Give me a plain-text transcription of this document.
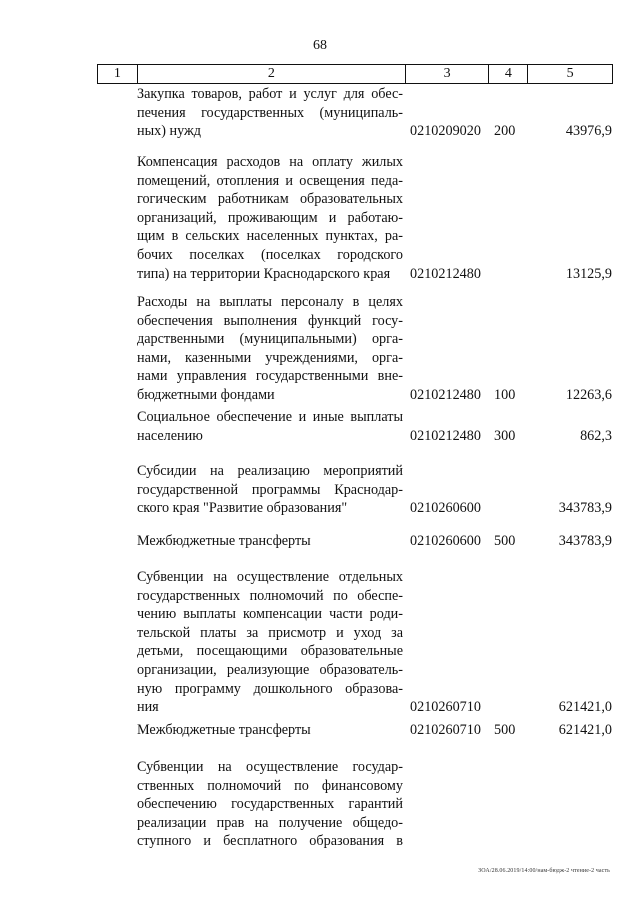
68
1	2	3	4	5
Закупка товаров, работ и услуг для обес-
печения государственных (муниципаль-
ных) нужд	0210209020 200	43976,9
Компенсация расходов на оплату жилых
помещений, отопления и освещения педа-
гогическим работникам образовательных
организаций, проживающим и работаю-
щим в сельских населенных пунктах, ра-
бочих поселках (поселках городского
типа) на территории Краснодарского края	0210212480	13125,9
Расходы на выплаты персоналу в целях
обеспечения выполнения функций госу-
дарственными (муниципальными) орга-
нами, казенными учреждениями, орга-
нами управления государственными вне-
бюджетными фондами	0210212480 100	12263,6
Социальное обеспечение и иные выплаты
населению	0210212480 300	862,3
Субсидии на реализацию мероприятий
государственной программы Краснодар-
ского края "Развитие образования"	0210260600	343783,9
Межбюджетные трансферты	0210260600 500	343783,9
Субвенции на осуществление отдельных
государственных полномочий по обеспе-
чению выплаты компенсации части роди-
тельской платы за присмотр и уход за
детьми, посещающими образовательные
организации, реализующие образователь-
ную программу дошкольного образова-
ния	0210260710	621421,0
Межбюджетные трансферты	0210260710 500	621421,0
Субвенции на осуществление государ-
ственных полномочий по финансовому
обеспечению государственных гарантий
реализации прав на получение общедо-
ступного и бесплатного образования в
ЗОА/28.06.2019/14:00/нам-бюдж-2 чтение-2 часть
